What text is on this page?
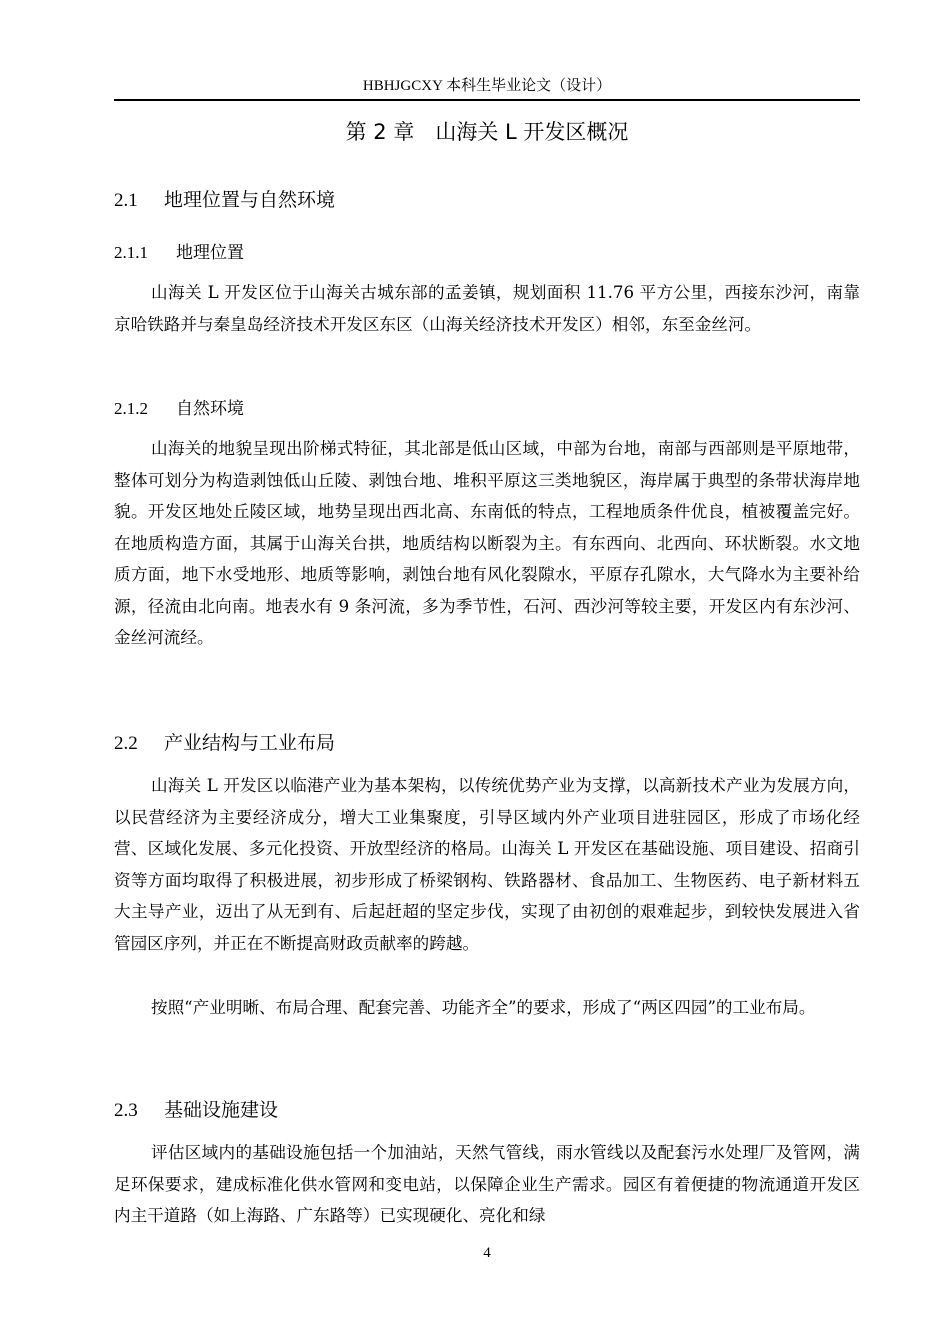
HBHJGCXY 本科生毕业论文（设计）
第 2 章　山海关 L 开发区概况
2.1 地理位置与自然环境
2.1.1 地理位置

山海关 L 开发区位于山海关古城东部的孟姜镇，规划面积 11.76 平方公里，西接东沙河，南靠京哈铁路并与秦皇岛经济技术开发区东区（山海关经济技术开发区）相邻，东至金丝河。

2.1.2 自然环境

山海关的地貌呈现出阶梯式特征，其北部是低山区域，中部为台地，南部与西部则是平原地带，整体可划分为构造剥蚀低山丘陵、剥蚀台地、堆积平原这三类地貌区，海岸属于典型的条带状海岸地貌。开发区地处丘陵区域，地势呈现出西北高、东南低的特点，工程地质条件优良，植被覆盖完好。在地质构造方面，其属于山海关台拱，地质结构以断裂为主。有东西向、北西向、环状断裂。水文地质方面，地下水受地形、地质等影响，剥蚀台地有风化裂隙水，平原存孔隙水，大气降水为主要补给源，径流由北向南。地表水有 9 条河流，多为季节性，石河、西沙河等较主要，开发区内有东沙河、金丝河流经。

2.2 产业结构与工业布局

山海关 L 开发区以临港产业为基本架构，以传统优势产业为支撑，以高新技术产业为发展方向，以民营经济为主要经济成分，增大工业集聚度，引导区域内外产业项目进驻园区，形成了市场化经营、区域化发展、多元化投资、开放型经济的格局。山海关 L 开发区在基础设施、项目建设、招商引资等方面均取得了积极进展，初步形成了桥梁钢构、铁路器材、食品加工、生物医药、电子新材料五大主导产业，迈出了从无到有、后起赶超的坚定步伐，实现了由初创的艰难起步，到较快发展进入省管园区序列，并正在不断提高财政贡献率的跨越。

按照“产业明晰、布局合理、配套完善、功能齐全”的要求，形成了“两区四园”的工业布局。

2.3 基础设施建设

评估区域内的基础设施包括一个加油站，天然气管线，雨水管线以及配套污水处理厂及管网，满足环保要求，建成标准化供水管网和变电站，以保障企业生产需求。园区有着便捷的物流通道开发区内主干道路（如上海路、广东路等）已实现硬化、亮化和绿

4
